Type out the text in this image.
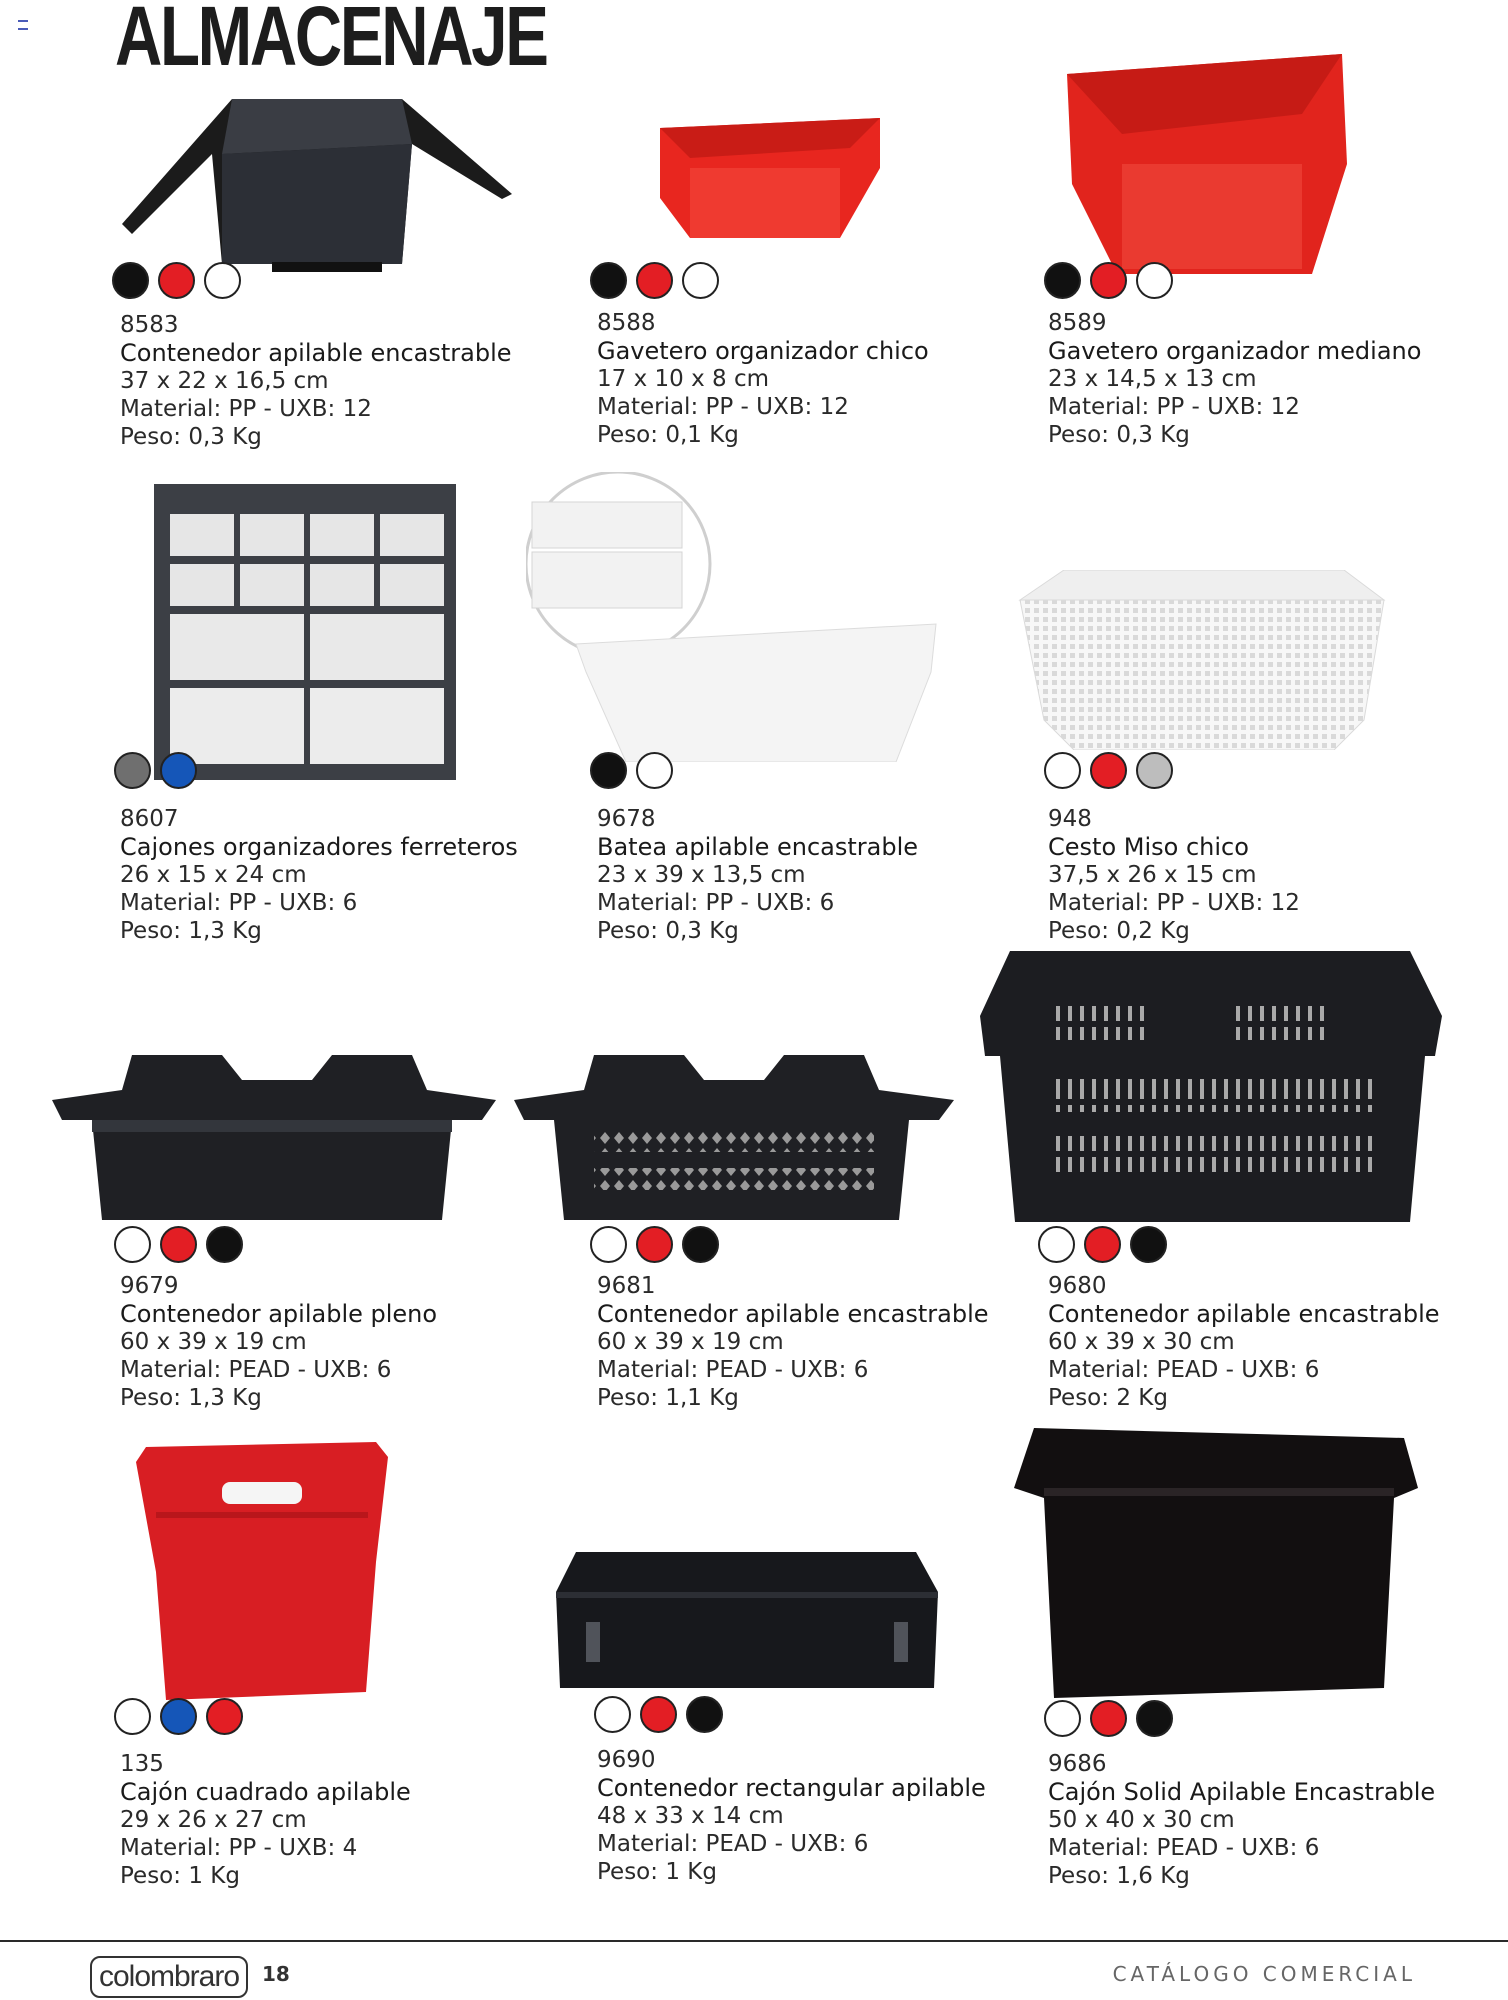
ALMACENAJE
8583
Contenedor apilable encastrable
37 x 22 x 16,5 cm
Material: PP - UXB: 12
Peso: 0,3 Kg
8588
Gavetero organizador chico
17 x 10 x 8 cm
Material: PP - UXB: 12
Peso: 0,1 Kg
8589
Gavetero organizador mediano
23 x 14,5 x 13 cm
Material: PP - UXB: 12
Peso: 0,3 Kg
8607
Cajones organizadores ferreteros
26 x 15 x 24 cm
Material: PP - UXB: 6
Peso: 1,3 Kg
9678
Batea apilable encastrable
23 x 39 x 13,5 cm
Material: PP - UXB: 6
Peso: 0,3 Kg
948
Cesto Miso chico
37,5 x 26 x 15 cm
Material: PP - UXB: 12
Peso: 0,2 Kg
9679
Contenedor apilable pleno
60 x 39 x 19 cm
Material: PEAD - UXB: 6
Peso: 1,3 Kg
9681
Contenedor apilable encastrable
60 x 39 x 19 cm
Material: PEAD - UXB: 6
Peso: 1,1 Kg
9680
Contenedor apilable encastrable
60 x 39 x 30 cm
Material: PEAD - UXB: 6
Peso: 2 Kg
135
Cajón cuadrado apilable
29 x 26 x 27 cm
Material: PP - UXB: 4
Peso: 1 Kg
9690
Contenedor rectangular apilable
48 x 33 x 14 cm
Material: PEAD - UXB: 6
Peso: 1 Kg
9686
Cajón Solid Apilable Encastrable
50 x 40 x 30 cm
Material: PEAD - UXB: 6
Peso: 1,6 Kg
colombraro	18	CATÁLOGO COMERCIAL
